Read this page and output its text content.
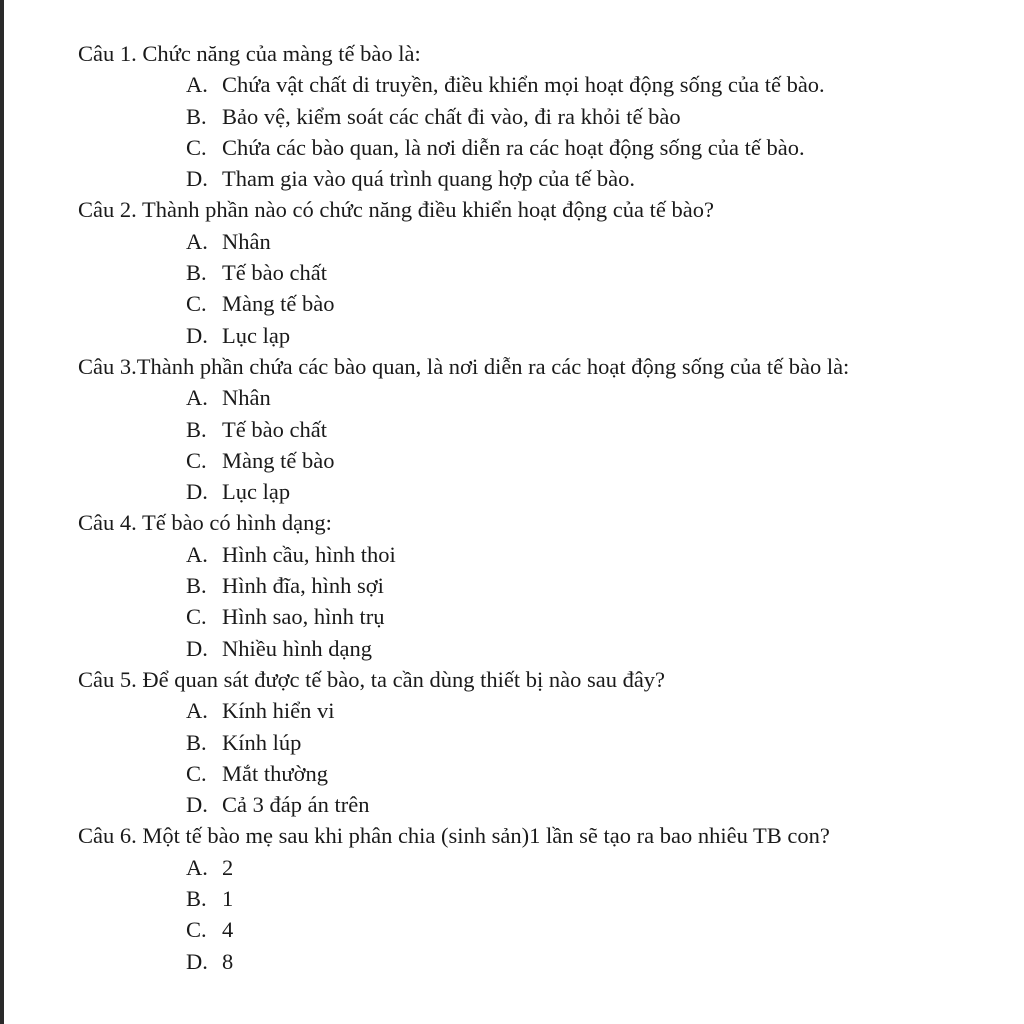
Câu 1. Chức năng của màng tế bào là:
A. Chứa vật chất di truyền, điều khiển mọi hoạt động sống của tế bào.
B. Bảo vệ, kiểm soát các chất đi vào, đi ra khỏi tế bào
C. Chứa các bào quan, là nơi diễn ra các hoạt động sống của tế bào.
D. Tham gia vào quá trình quang hợp của tế bào.
Câu 2. Thành phần nào có chức năng điều khiển hoạt động của tế bào?
A. Nhân
B. Tế bào chất
C. Màng tế bào
D. Lục lạp
Câu 3.Thành phần chứa các bào quan, là nơi diễn ra các hoạt động sống của tế bào là:
A. Nhân
B. Tế bào chất
C. Màng tế bào
D. Lục lạp
Câu 4. Tế bào có hình dạng:
A. Hình cầu, hình thoi
B. Hình đĩa, hình sợi
C. Hình sao, hình trụ
D. Nhiều hình dạng
Câu 5. Để quan sát được tế bào, ta cần dùng thiết bị nào sau đây?
A. Kính hiển vi
B. Kính lúp
C. Mắt thường
D. Cả 3 đáp án trên
Câu 6. Một tế bào mẹ sau khi phân chia (sinh sản)1 lần sẽ tạo ra bao nhiêu TB con?
A. 2
B. 1
C. 4
D. 8
